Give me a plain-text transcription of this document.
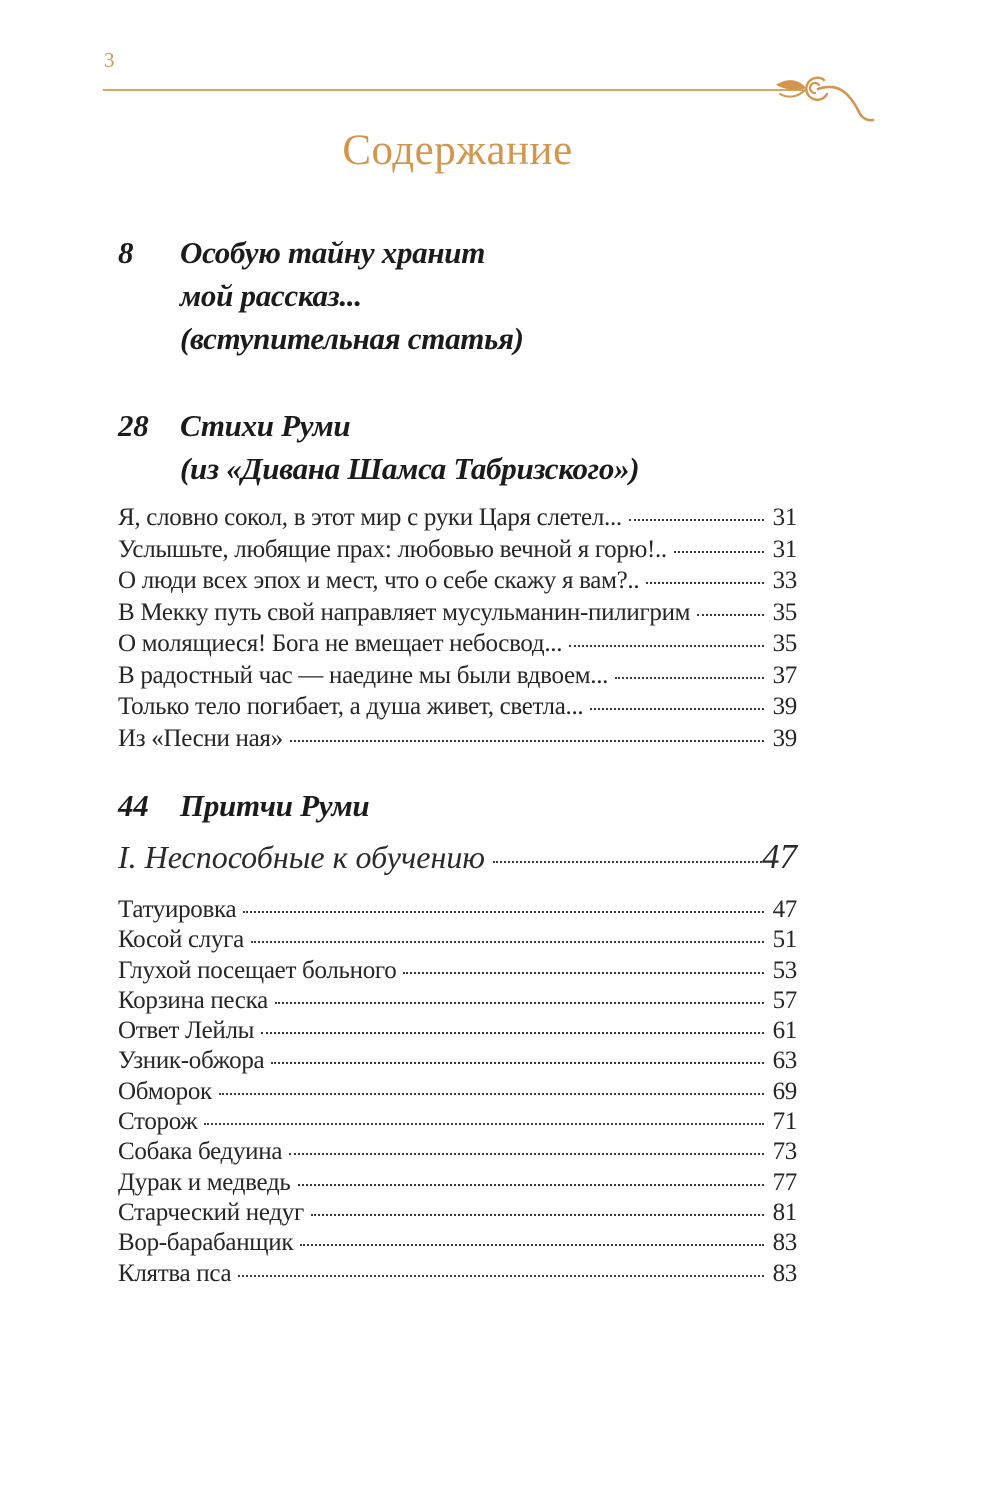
3
Содержание
8	Особую тайну хранит
мой рассказ...
(вступительная статья)
28	Стихи Руми
(из «Дивана Шамса Табризского»)
Я, словно сокол, в этот мир с руки Царя слетел...	31
Услышьте, любящие прах: любовью вечной я горю!..	31
О люди всех эпох и мест, что о себе скажу я вам?..	33
В Мекку путь свой направляет мусульманин-пилигрим	35
О молящиеся! Бога не вмещает небосвод...	35
В радостный час — наедине мы были вдвоем...	37
Только тело погибает, а душа живет, светла...	39
Из «Песни ная»	39
44	Притчи Руми
I. Неспособные к обучению	47
Татуировка	47
Косой слуга	51
Глухой посещает больного	53
Корзина песка	57
Ответ Лейлы	61
Узник-обжора	63
Обморок	69
Сторож	71
Собака бедуина	73
Дурак и медведь	77
Старческий недуг	81
Вор-барабанщик	83
Клятва пса	83
